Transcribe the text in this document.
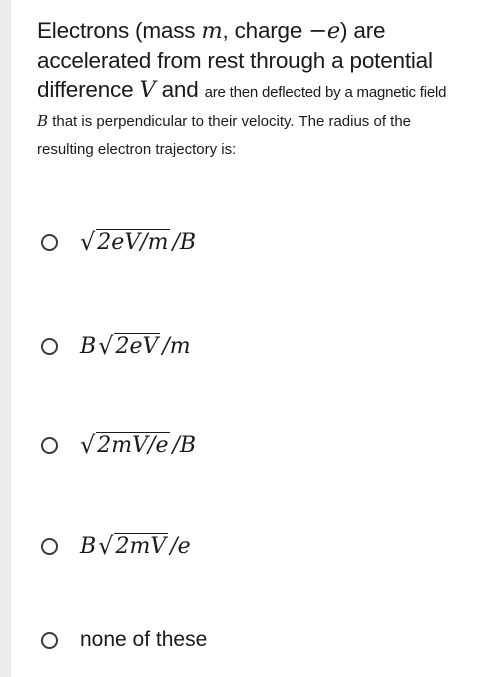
Electrons (mass m, charge −e) are
accelerated from rest through a potential
difference V and are then deflected by a magnetic field
B that is perpendicular to their velocity. The radius of the
resulting electron trajectory is:
√ 2eV/m /B
B √ 2eV /m
√ 2mV/e /B
B √ 2mV /e
none of these
